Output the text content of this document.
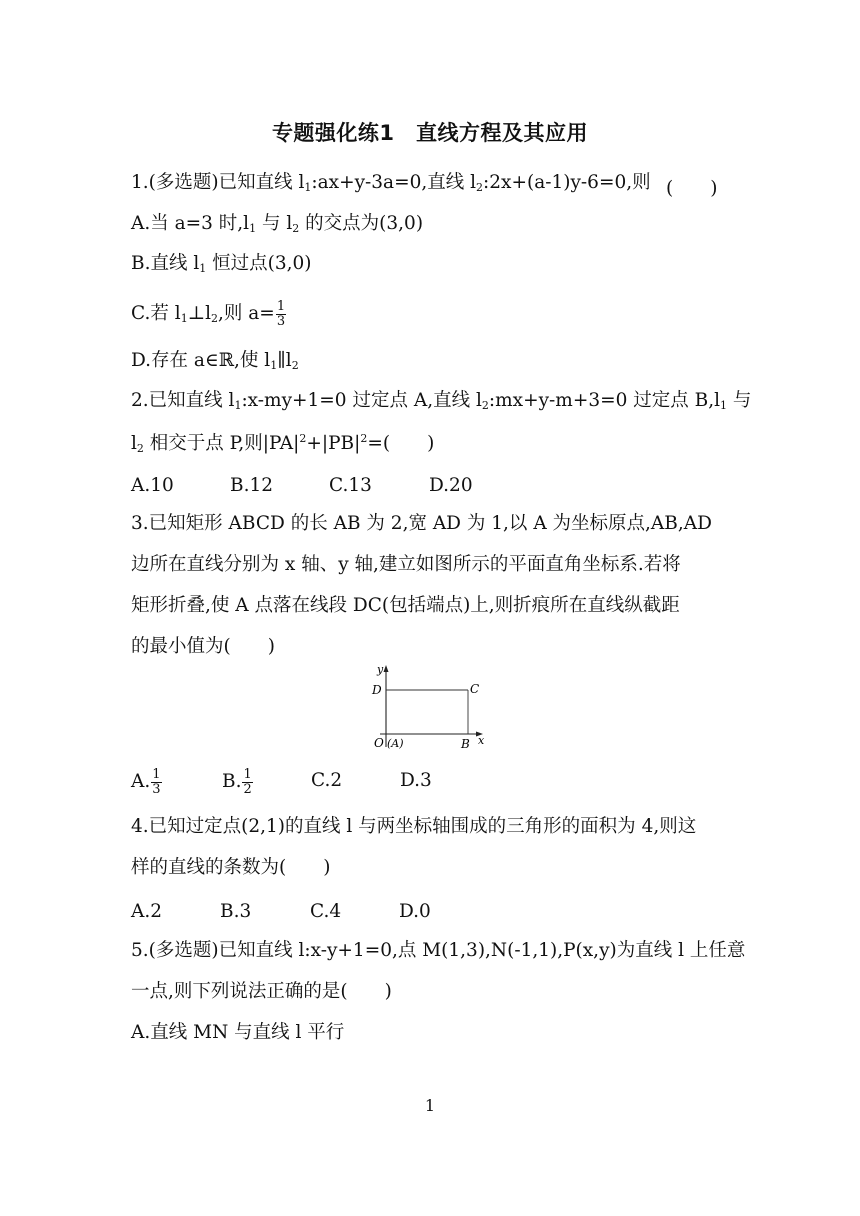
专题强化练1　直线方程及其应用
1.(多选题)已知直线 $l_1:ax+y-3a=0$,直线 $l_2:2x+(a-1)y-6=0$,则 (　　)
A.当 a=3 时$,l_1$ 与 $l_2$ 的交点为(3,0)
B.直线 $l_1$ 恒过点(3,0)
C.若 $l_1\perp l_2$,则 $a= \frac{1}{3}$
D.存在 a∈ℝ,使 $l_1\parallel l_2$
2.已知直线 $l_1:x-my+1=0$ 过定点 A,直线 $l_2:mx+y-m+3=0$ 过定点 $B,l_1$ 与
$l_2$ 相交于点 P,则$|PA|^2+|PB|^2=$(　　)
A.10	B.12	C.13	D.20
3.已知矩形 ABCD 的长 AB 为 2,宽 AD 为 1,以 A 为坐标原点,AB,AD
边所在直线分别为 x 轴、y 轴,建立如图所示的平面直角坐标系.若将
矩形折叠,使 A 点落在线段 DC(包括端点)上,则折痕所在直线纵截距
的最小值为(　　)
y
x
D	C
O (A)	B
A. $\frac{1}{3}$	B. $\frac{1}{2}$	C.2	D.3
4.已知过定点(2,1)的直线 l 与两坐标轴围成的三角形的面积为 4,则这
样的直线的条数为(　　)
A.2	B.3	C.4	D.0
5.(多选题)已知直线 l:x-y+1=0,点 M(1,3),N(-1,1),P(x,y)为直线 l 上任意
一点,则下列说法正确的是(　　)
A.直线 MN 与直线 l 平行
1
